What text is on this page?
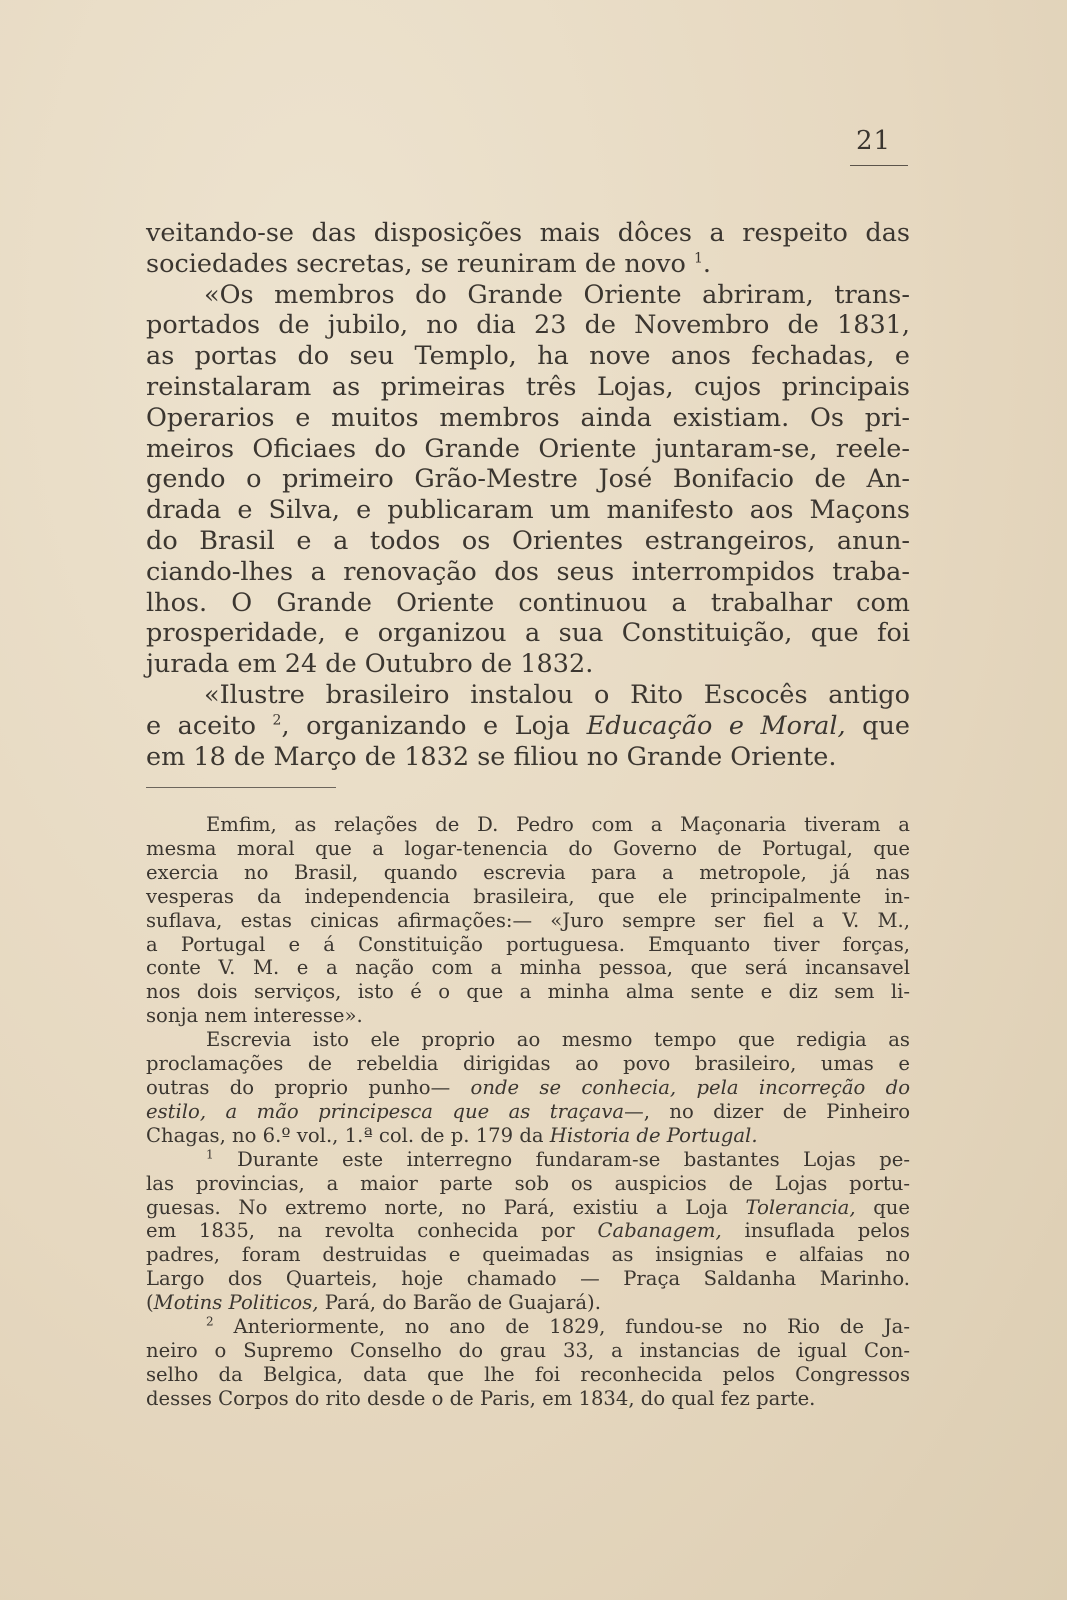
21
veitando-se das disposições mais dôces a respeito das
sociedades secretas, se reuniram de novo $^1$.
«Os membros do Grande Oriente abriram, trans-
portados de jubilo, no dia 23 de Novembro de 1831,
as portas do seu Templo, ha nove anos fechadas, e
reinstalaram as primeiras três Lojas, cujos principais
Operarios e muitos membros ainda existiam. Os pri-
meiros Oficiaes do Grande Oriente juntaram-se, reele-
gendo o primeiro Grão-Mestre José Bonifacio de An-
drada e Silva, e publicaram um manifesto aos Maçons
do Brasil e a todos os Orientes estrangeiros, anun-
ciando-lhes a renovação dos seus interrompidos traba-
lhos. O Grande Oriente continuou a trabalhar com
prosperidade, e organizou a sua Constituição, que foi
jurada em 24 de Outubro de 1832.
«Ilustre brasileiro instalou o Rito Escocês antigo
e aceito $^2$, organizando e Loja Educação e Moral, que
em 18 de Março de 1832 se filiou no Grande Oriente.
Emfim, as relações de D. Pedro com a Maçonaria tiveram a
mesma moral que a logar-tenencia do Governo de Portugal, que
exercia no Brasil, quando escrevia para a metropole, já nas
vesperas da independencia brasileira, que ele principalmente in-
suflava, estas cinicas afirmações:— «Juro sempre ser fiel a V. M.,
a Portugal e á Constituição portuguesa. Emquanto tiver forças,
conte V. M. e a nação com a minha pessoa, que será incansavel
nos dois serviços, isto é o que a minha alma sente e diz sem li-
sonja nem interesse».
Escrevia isto ele proprio ao mesmo tempo que redigia as
proclamações de rebeldia dirigidas ao povo brasileiro, umas e
outras do proprio punho— onde se conhecia, pela incorreção do
estilo, a mão principesca que as traçava—, no dizer de Pinheiro
Chagas, no 6.º vol., 1.ª col. de p. 179 da Historia de Portugal.
$^1$ Durante este interregno fundaram-se bastantes Lojas pe-
las provincias, a maior parte sob os auspicios de Lojas portu-
guesas. No extremo norte, no Pará, existiu a Loja Tolerancia, que
em 1835, na revolta conhecida por Cabanagem, insuflada pelos
padres, foram destruidas e queimadas as insignias e alfaias no
Largo dos Quarteis, hoje chamado — Praça Saldanha Marinho.
(Motins Politicos, Pará, do Barão de Guajará).
$^2$ Anteriormente, no ano de 1829, fundou-se no Rio de Ja-
neiro o Supremo Conselho do grau 33, a instancias de igual Con-
selho da Belgica, data que lhe foi reconhecida pelos Congressos
desses Corpos do rito desde o de Paris, em 1834, do qual fez parte.
